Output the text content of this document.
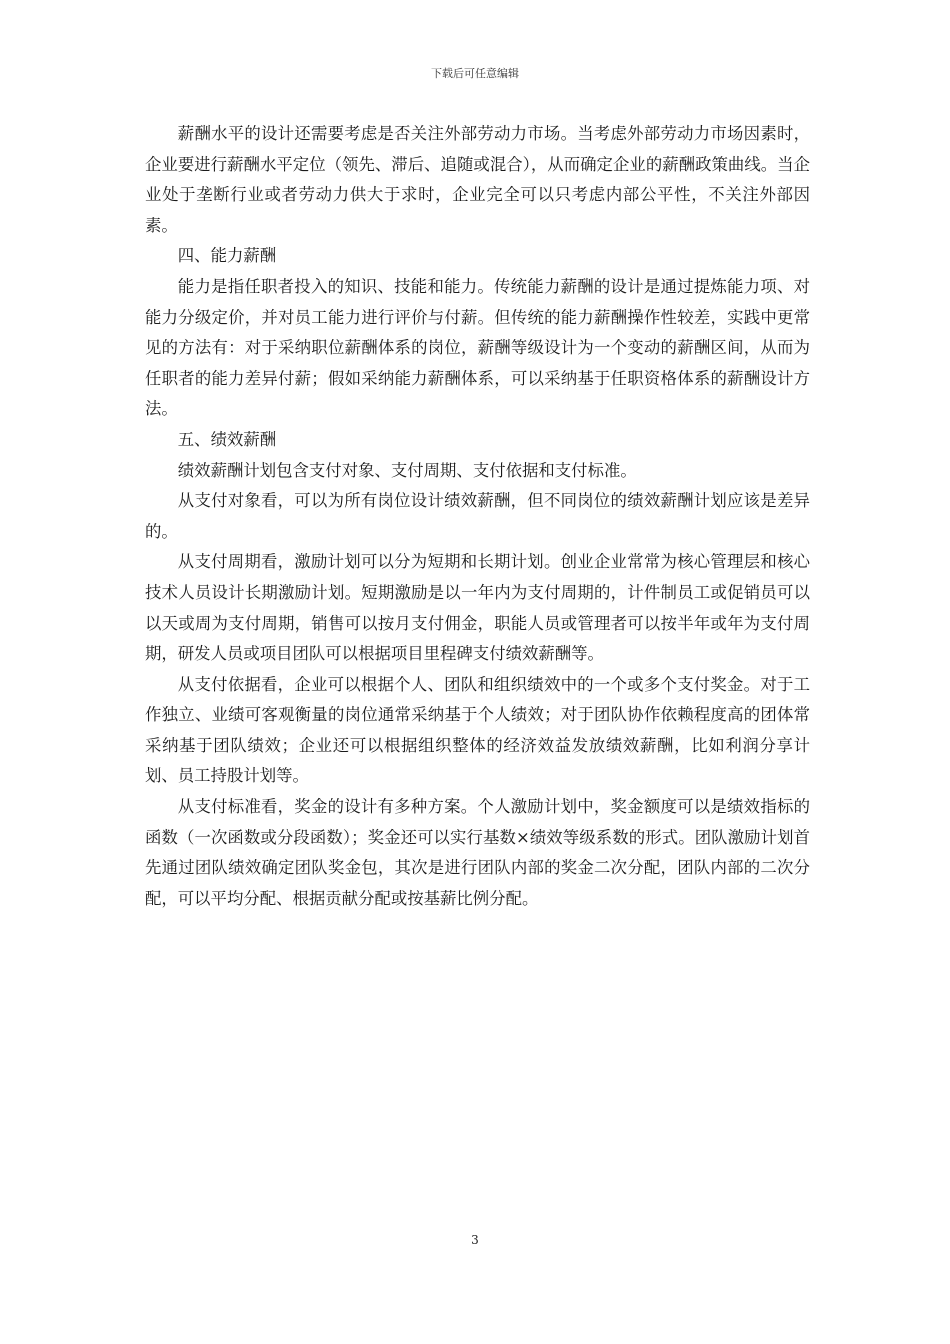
下载后可任意编辑

薪酬水平的设计还需要考虑是否关注外部劳动力市场。当考虑外部劳动力市场因素时，企业要进行薪酬水平定位（领先、滞后、追随或混合），从而确定企业的薪酬政策曲线。当企业处于垄断行业或者劳动力供大于求时，企业完全可以只考虑内部公平性，不关注外部因素。

四、能力薪酬

能力是指任职者投入的知识、技能和能力。传统能力薪酬的设计是通过提炼能力项、对能力分级定价，并对员工能力进行评价与付薪。但传统的能力薪酬操作性较差，实践中更常见的方法有：对于采纳职位薪酬体系的岗位，薪酬等级设计为一个变动的薪酬区间，从而为任职者的能力差异付薪；假如采纳能力薪酬体系，可以采纳基于任职资格体系的薪酬设计方法。

五、绩效薪酬

绩效薪酬计划包含支付对象、支付周期、支付依据和支付标准。

从支付对象看，可以为所有岗位设计绩效薪酬，但不同岗位的绩效薪酬计划应该是差异的。

从支付周期看，激励计划可以分为短期和长期计划。创业企业常常为核心管理层和核心技术人员设计长期激励计划。短期激励是以一年内为支付周期的，计件制员工或促销员可以以天或周为支付周期，销售可以按月支付佣金，职能人员或管理者可以按半年或年为支付周期，研发人员或项目团队可以根据项目里程碑支付绩效薪酬等。

从支付依据看，企业可以根据个人、团队和组织绩效中的一个或多个支付奖金。对于工作独立、业绩可客观衡量的岗位通常采纳基于个人绩效；对于团队协作依赖程度高的团体常采纳基于团队绩效；企业还可以根据组织整体的经济效益发放绩效薪酬，比如利润分享计划、员工持股计划等。

从支付标准看，奖金的设计有多种方案。个人激励计划中，奖金额度可以是绩效指标的函数（一次函数或分段函数）；奖金还可以实行基数×绩效等级系数的形式。团队激励计划首先通过团队绩效确定团队奖金包，其次是进行团队内部的奖金二次分配，团队内部的二次分配，可以平均分配、根据贡献分配或按基薪比例分配。

3
